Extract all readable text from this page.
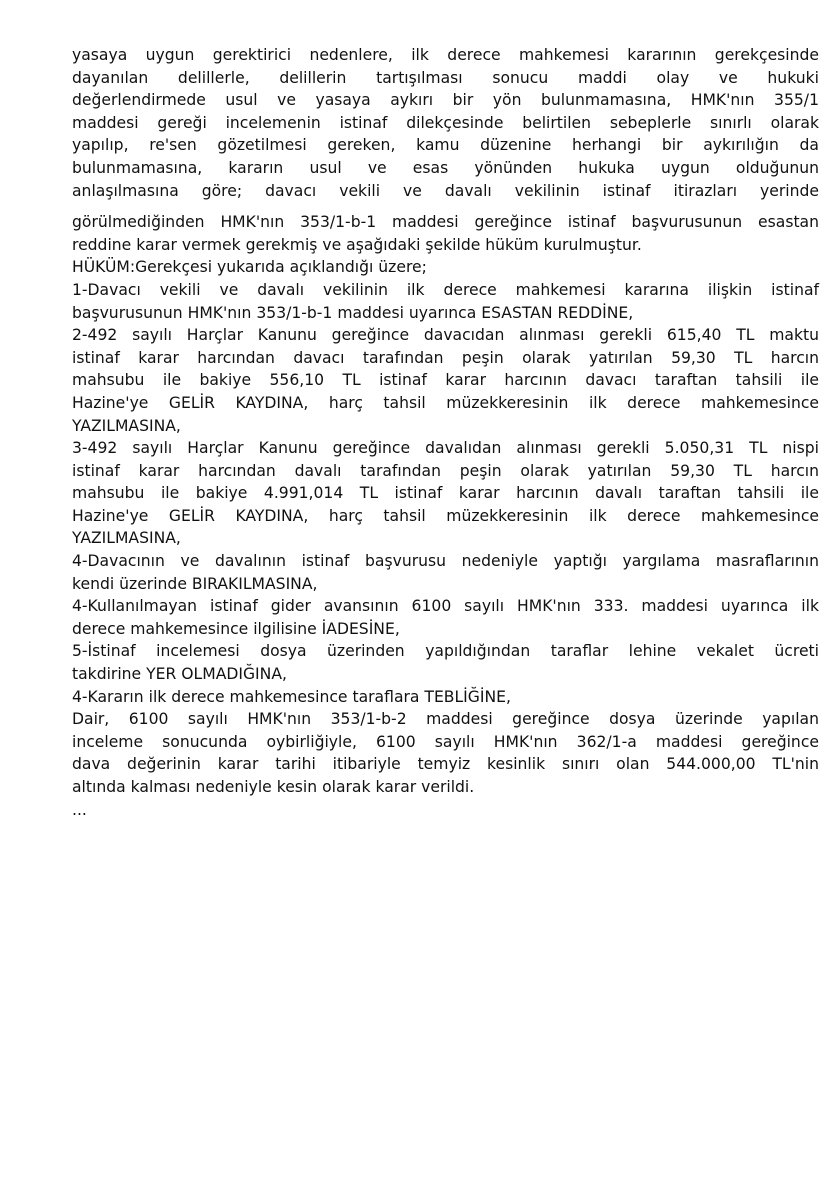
yasaya uygun gerektirici nedenlere, ilk derece mahkemesi kararının gerekçesinde
dayanılan delillerle, delillerin tartışılması sonucu maddi olay ve hukuki
değerlendirmede usul ve yasaya aykırı bir yön bulunmamasına, HMK'nın 355/1
maddesi gereği incelemenin istinaf dilekçesinde belirtilen sebeplerle sınırlı olarak
yapılıp, re'sen gözetilmesi gereken, kamu düzenine herhangi bir aykırılığın da
bulunmamasına, kararın usul ve esas yönünden hukuka uygun olduğunun
anlaşılmasına göre; davacı vekili ve davalı vekilinin istinaf itirazları yerinde
görülmediğinden HMK'nın 353/1-b-1 maddesi gereğince istinaf başvurusunun esastan
reddine karar vermek gerekmiş ve aşağıdaki şekilde hüküm kurulmuştur.
HÜKÜM:Gerekçesi yukarıda açıklandığı üzere;
1-Davacı vekili ve davalı vekilinin ilk derece mahkemesi kararına ilişkin istinaf
başvurusunun HMK'nın 353/1-b-1 maddesi uyarınca ESASTAN REDDİNE,
2-492 sayılı Harçlar Kanunu gereğince davacıdan alınması gerekli 615,40 TL maktu
istinaf karar harcından davacı tarafından peşin olarak yatırılan 59,30 TL harcın
mahsubu ile bakiye 556,10 TL istinaf karar harcının davacı taraftan tahsili ile
Hazine'ye GELİR KAYDINA, harç tahsil müzekkeresinin ilk derece mahkemesince
YAZILMASINA,
3-492 sayılı Harçlar Kanunu gereğince davalıdan alınması gerekli 5.050,31 TL nispi
istinaf karar harcından davalı tarafından peşin olarak yatırılan 59,30 TL harcın
mahsubu ile bakiye 4.991,014 TL istinaf karar harcının davalı taraftan tahsili ile
Hazine'ye GELİR KAYDINA, harç tahsil müzekkeresinin ilk derece mahkemesince
YAZILMASINA,
4-Davacının ve davalının istinaf başvurusu nedeniyle yaptığı yargılama masraflarının
kendi üzerinde BIRAKILMASINA,
4-Kullanılmayan istinaf gider avansının 6100 sayılı HMK'nın 333. maddesi uyarınca ilk
derece mahkemesince ilgilisine İADESİNE,
5-İstinaf incelemesi dosya üzerinden yapıldığından taraflar lehine vekalet ücreti
takdirine YER OLMADIĞINA,
4-Kararın ilk derece mahkemesince taraflara TEBLİĞİNE,
Dair, 6100 sayılı HMK'nın 353/1-b-2 maddesi gereğince dosya üzerinde yapılan
inceleme sonucunda oybirliğiyle, 6100 sayılı HMK'nın 362/1-a maddesi gereğince
dava değerinin karar tarihi itibariyle temyiz kesinlik sınırı olan 544.000,00 TL'nin
altında kalması nedeniyle kesin olarak karar verildi.
...
